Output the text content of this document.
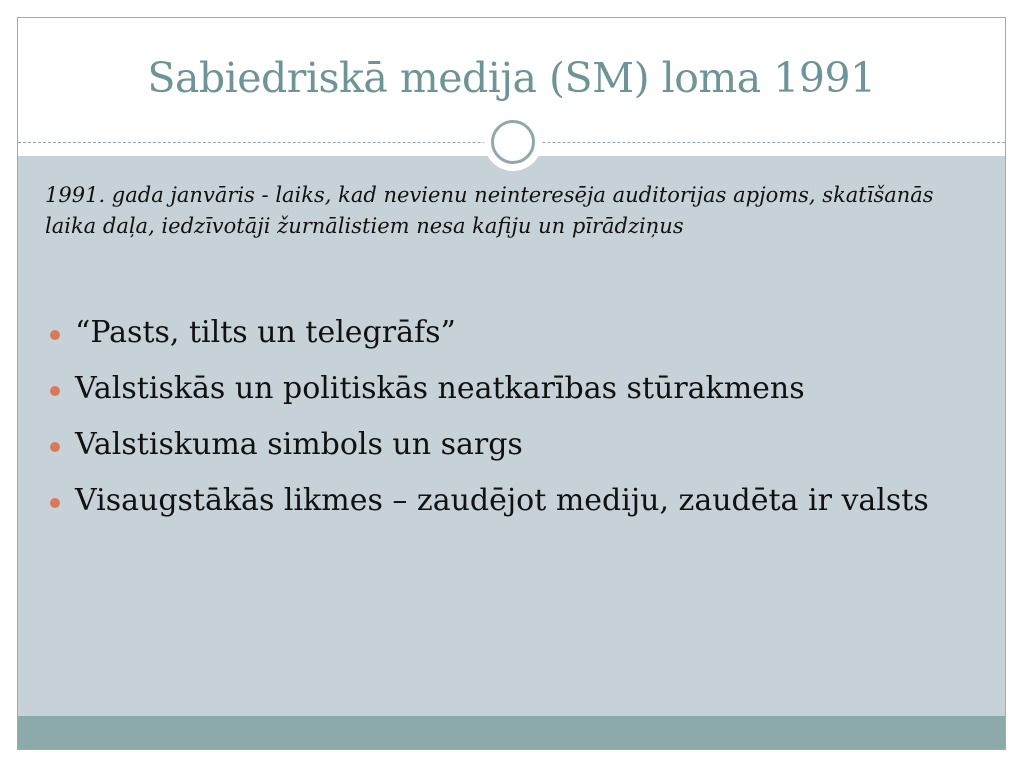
Sabiedriskā medija (SM) loma 1991

1991. gada janvāris - laiks, kad nevienu neinteresēja auditorijas apjoms, skatīšanās laika daļa, iedzīvotāji žurnālistiem nesa kafiju un pīrādziņus

“Pasts, tilts un telegrāfs”
Valstiskās un politiskās neatkarības stūrakmens
Valstiskuma simbols un sargs
Visaugstākās likmes – zaudējot mediju, zaudēta ir valsts
